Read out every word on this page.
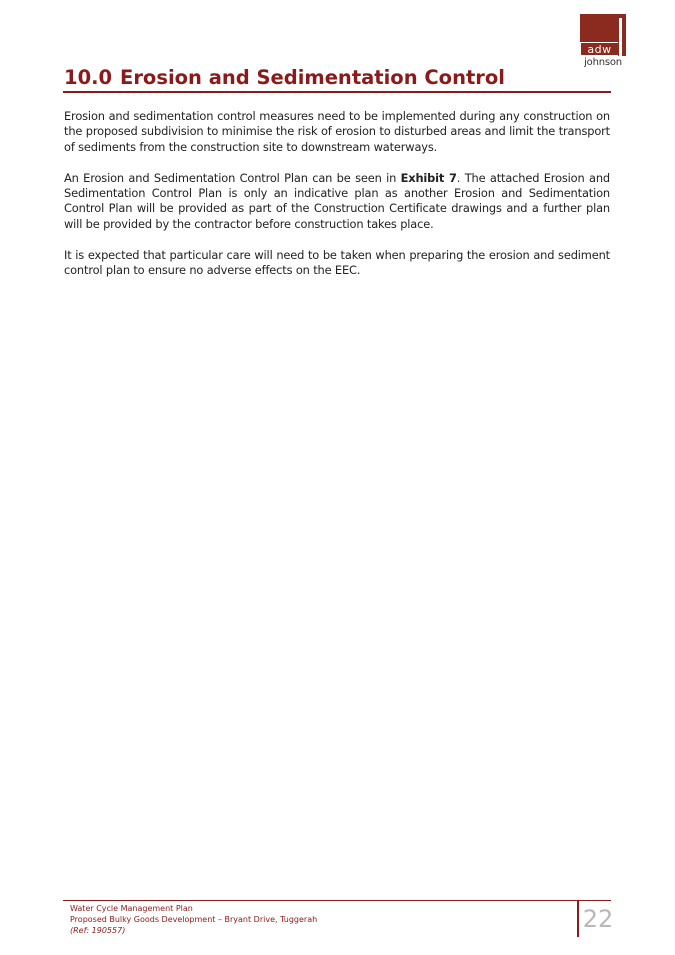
adw
johnson
10.0 Erosion and Sedimentation Control

Erosion and sedimentation control measures need to be implemented during any construction on the proposed subdivision to minimise the risk of erosion to disturbed areas and limit the transport of sediments from the construction site to downstream waterways.

An Erosion and Sedimentation Control Plan can be seen in Exhibit 7. The attached Erosion and Sedimentation Control Plan is only an indicative plan as another Erosion and Sedimentation Control Plan will be provided as part of the Construction Certificate drawings and a further plan will be provided by the contractor before construction takes place.

It is expected that particular care will need to be taken when preparing the erosion and sediment control plan to ensure no adverse effects on the EEC.

Water Cycle Management Plan
Proposed Bulky Goods Development – Bryant Drive, Tuggerah
(Ref: 190557)	22
